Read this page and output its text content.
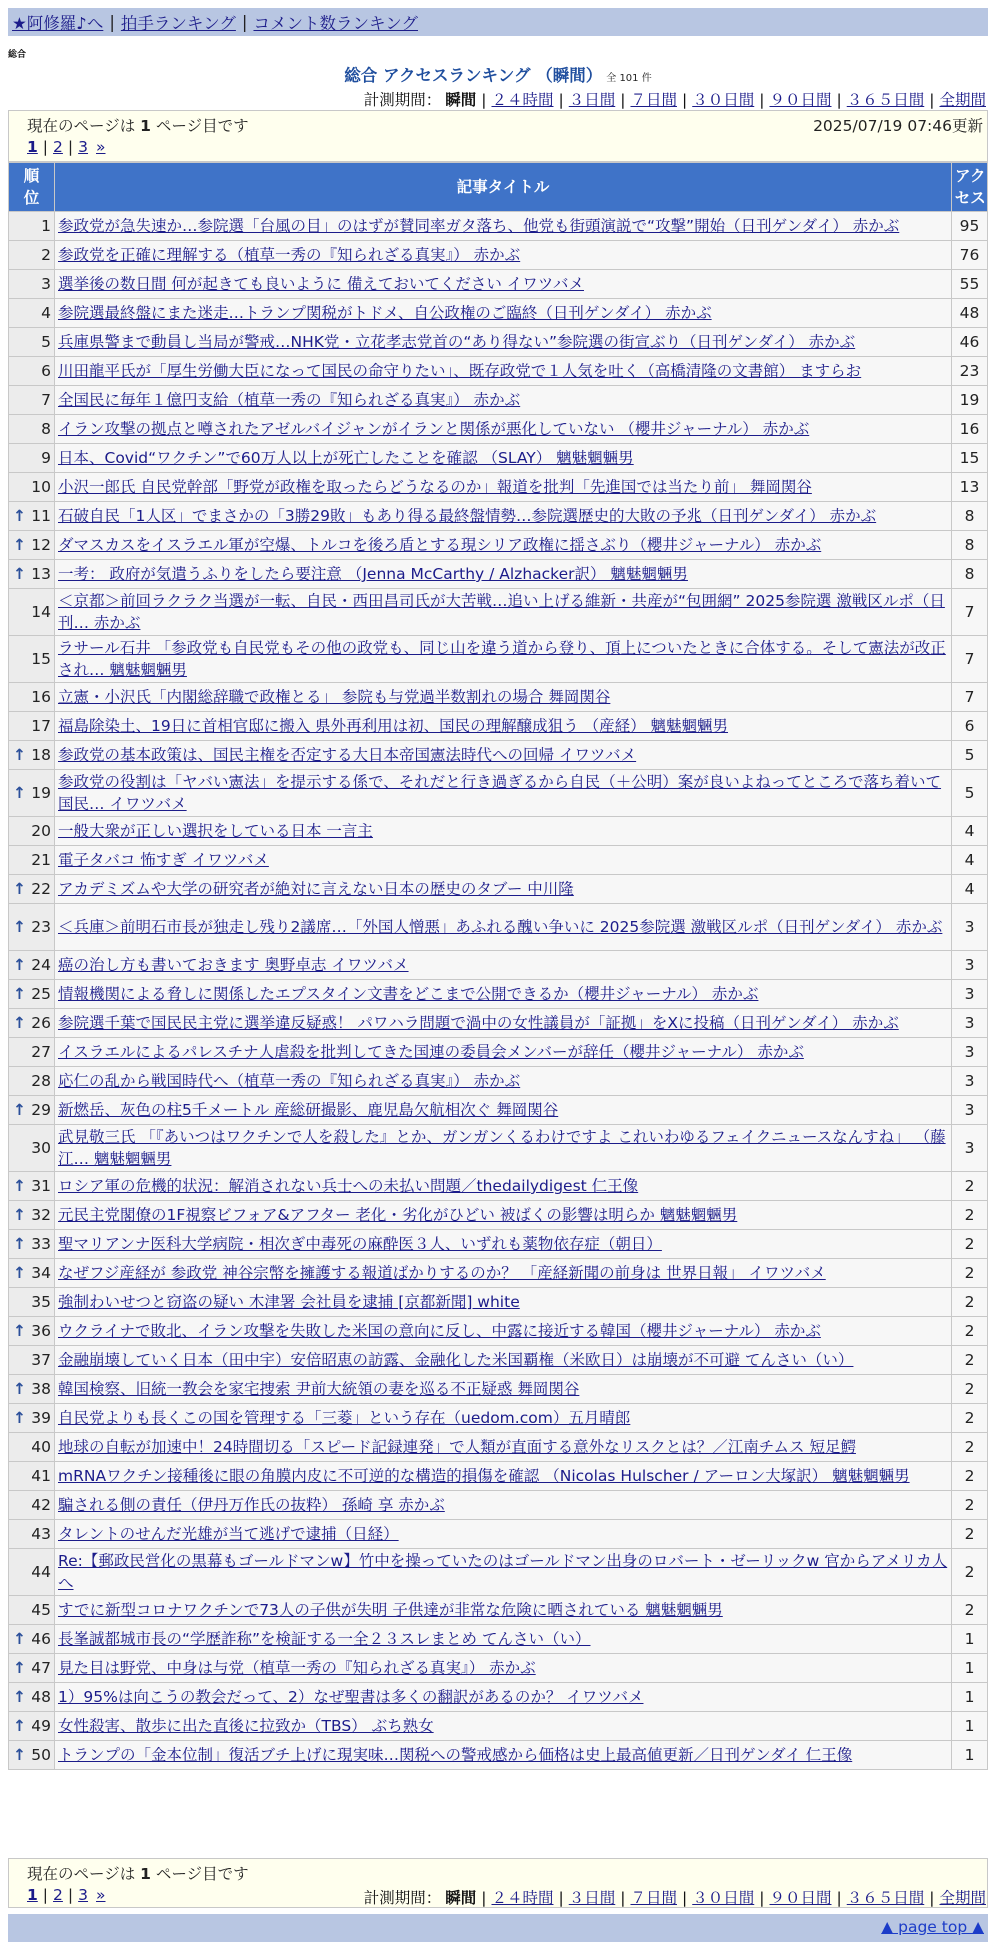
★阿修羅♪へ | 拍手ランキング | コメント数ランキング
総合
総合 アクセスランキング （瞬間） 全 101 件
計測期間： 瞬間 | ２４時間 | ３日間 | ７日間 | ３０日間 | ９０日間 | ３６５日間 | 全期間
現在のページは 1 ページ目です	2025/07/19 07:46更新
1 | 2 | 3 »
順位	記事タイトル	アクセス
1	参政党が急失速か…参院選「台風の目」のはずが賛同率ガタ落ち、他党も街頭演説で“攻撃”開始（日刊ゲンダイ） 赤かぶ	95
2	参政党を正確に理解する（植草一秀の『知られざる真実』） 赤かぶ	76
3	選挙後の数日間 何が起きても良いように 備えておいてください イワツバメ	55
4	参院選最終盤にまた迷走…トランプ関税がトドメ、自公政権のご臨終（日刊ゲンダイ） 赤かぶ	48
5	兵庫県警まで動員し当局が警戒…NHK党・立花孝志党首の“あり得ない”参院選の街宣ぶり（日刊ゲンダイ） 赤かぶ	46
6	川田龍平氏が「厚生労働大臣になって国民の命守りたい」、既存政党で１人気を吐く（高橋清隆の文書館） ますらお	23
7	全国民に毎年１億円支給（植草一秀の『知られざる真実』） 赤かぶ	19
8	イラン攻撃の拠点と噂されたアゼルバイジャンがイランと関係が悪化していない （櫻井ジャーナル） 赤かぶ	16
9	日本、Covid“ワクチン”で60万人以上が死亡したことを確認 （SLAY） 魑魅魍魎男	15
10	小沢一郎氏 自民党幹部「野党が政権を取ったらどうなるのか」報道を批判「先進国では当たり前」 舞岡関谷	13

↑ 11	石破自民「1人区」でまさかの「3勝29敗」もあり得る最終盤情勢…参院選歴史的大敗の予兆（日刊ゲンダイ） 赤かぶ	8

↑ 12	ダマスカスをイスラエル軍が空爆、トルコを後ろ盾とする現シリア政権に揺さぶり（櫻井ジャーナル） 赤かぶ	8

↑ 13	一考： 政府が気遣うふりをしたら要注意 （Jenna McCarthy / Alzhacker訳） 魑魅魍魎男	8
14	＜京都＞前回ラクラク当選が一転、自民・西田昌司氏が大苦戦…追い上げる維新・共産が“包囲網” 2025参院選 激戦区ルポ（日刊… 赤かぶ	7
15	ラサール石井 「参政党も自民党もその他の政党も、同じ山を違う道から登り、頂上についたときに合体する。そして憲法が改正され… 魑魅魍魎男	7
16	立憲・小沢氏「内閣総辞職で政権とる」 参院も与党過半数割れの場合 舞岡関谷	7
17	福島除染土、19日に首相官邸に搬入 県外再利用は初、国民の理解醸成狙う （産経） 魑魅魍魎男	6

↑ 18	参政党の基本政策は、国民主権を否定する大日本帝国憲法時代への回帰 イワツバメ	5

↑ 19	参政党の役割は「ヤバい憲法」を提示する係で、それだと行き過ぎるから自民（＋公明）案が良いよねってところで落ち着いて国民… イワツバメ	5
20	一般大衆が正しい選択をしている日本 一言主	4
21	電子タバコ 怖すぎ イワツバメ	4

↑ 22	アカデミズムや大学の研究者が絶対に言えない日本の歴史のタブー 中川隆	4

↑ 23	＜兵庫＞前明石市長が独走し残り2議席…「外国人憎悪」あふれる醜い争いに 2025参院選 激戦区ルポ（日刊ゲンダイ） 赤かぶ	3

↑ 24	癌の治し方も書いておきます 奥野卓志 イワツバメ	3

↑ 25	情報機関による脅しに関係したエプスタイン文書をどこまで公開できるか（櫻井ジャーナル） 赤かぶ	3

↑ 26	参院選千葉で国民民主党に選挙違反疑惑！ パワハラ問題で渦中の女性議員が「証拠」をXに投稿（日刊ゲンダイ） 赤かぶ	3
27	イスラエルによるパレスチナ人虐殺を批判してきた国連の委員会メンバーが辞任（櫻井ジャーナル） 赤かぶ	3
28	応仁の乱から戦国時代へ（植草一秀の『知られざる真実』） 赤かぶ	3

↑ 29	新燃岳、灰色の柱5千メートル 産総研撮影、鹿児島欠航相次ぐ 舞岡関谷	3
30	武見敬三氏 「『あいつはワクチンで人を殺した』とか、ガンガンくるわけですよ これいわゆるフェイクニュースなんすね」 （藤江… 魑魅魍魎男	3

↑ 31	ロシア軍の危機的状況：解消されない兵士への未払い問題／thedailydigest 仁王像	2

↑ 32	元民主党閣僚の1F視察ビフォア&アフター 老化・劣化がひどい 被ばくの影響は明らか 魑魅魍魎男	2

↑ 33	聖マリアンナ医科大学病院・相次ぎ中毒死の麻酔医３人、いずれも薬物依存症（朝日）	2

↑ 34	なぜフジ産経が 参政党 神谷宗幣を擁護する報道ばかりするのか？ 「産経新聞の前身は 世界日報」 イワツバメ	2
35	強制わいせつと窃盗の疑い 木津署 会社員を逮捕 [京都新聞] white	2

↑ 36	ウクライナで敗北、イラン攻撃を失敗した米国の意向に反し、中露に接近する韓国（櫻井ジャーナル） 赤かぶ	2
37	金融崩壊していく日本（田中宇）安倍昭恵の訪露、金融化した米国覇権（米欧日）は崩壊が不可避 てんさい（い）	2

↑ 38	韓国検察、旧統一教会を家宅捜索 尹前大統領の妻を巡る不正疑惑 舞岡関谷	2

↑ 39	自民党よりも長くこの国を管理する「三菱」という存在（uedom.com）五月晴郎	2
40	地球の自転が加速中！24時間切る「スピード記録連発」で人類が直面する意外なリスクとは？／江南チムス 短足鰐	2
41	mRNAワクチン接種後に眼の角膜内皮に不可逆的な構造的損傷を確認 （Nicolas Hulscher / アーロン大塚訳） 魑魅魍魎男	2
42	騙される側の責任（伊丹万作氏の抜粋） 孫崎 享 赤かぶ	2
43	タレントのせんだ光雄が当て逃げで逮捕（日経）	2
44	Re:【郵政民営化の黒幕もゴールドマンw】竹中を操っていたのはゴールドマン出身のロバート・ゼーリックw 官からアメリカ人へ	2
45	すでに新型コロナワクチンで73人の子供が失明 子供達が非常な危険に晒されている 魑魅魍魎男	2

↑ 46	長峯誠都城市長の“学歴詐称”を検証する一全２３スレまとめ てんさい（い）	1

↑ 47	見た目は野党、中身は与党（植草一秀の『知られざる真実』） 赤かぶ	1

↑ 48	1）95%は向こうの教会だって、2）なぜ聖書は多くの翻訳があるのか？ イワツバメ	1

↑ 49	女性殺害、散歩に出た直後に拉致か（TBS） ぶち熟女	1

↑ 50	トランプの「金本位制」復活ブチ上げに現実味…関税への警戒感から価格は史上最高値更新／日刊ゲンダイ 仁王像	1
現在のページは 1 ページ目です
1 | 2 | 3 »	計測期間： 瞬間 | ２４時間 | ３日間 | ７日間 | ３０日間 | ９０日間 | ３６５日間 | 全期間
▲ page top ▲
